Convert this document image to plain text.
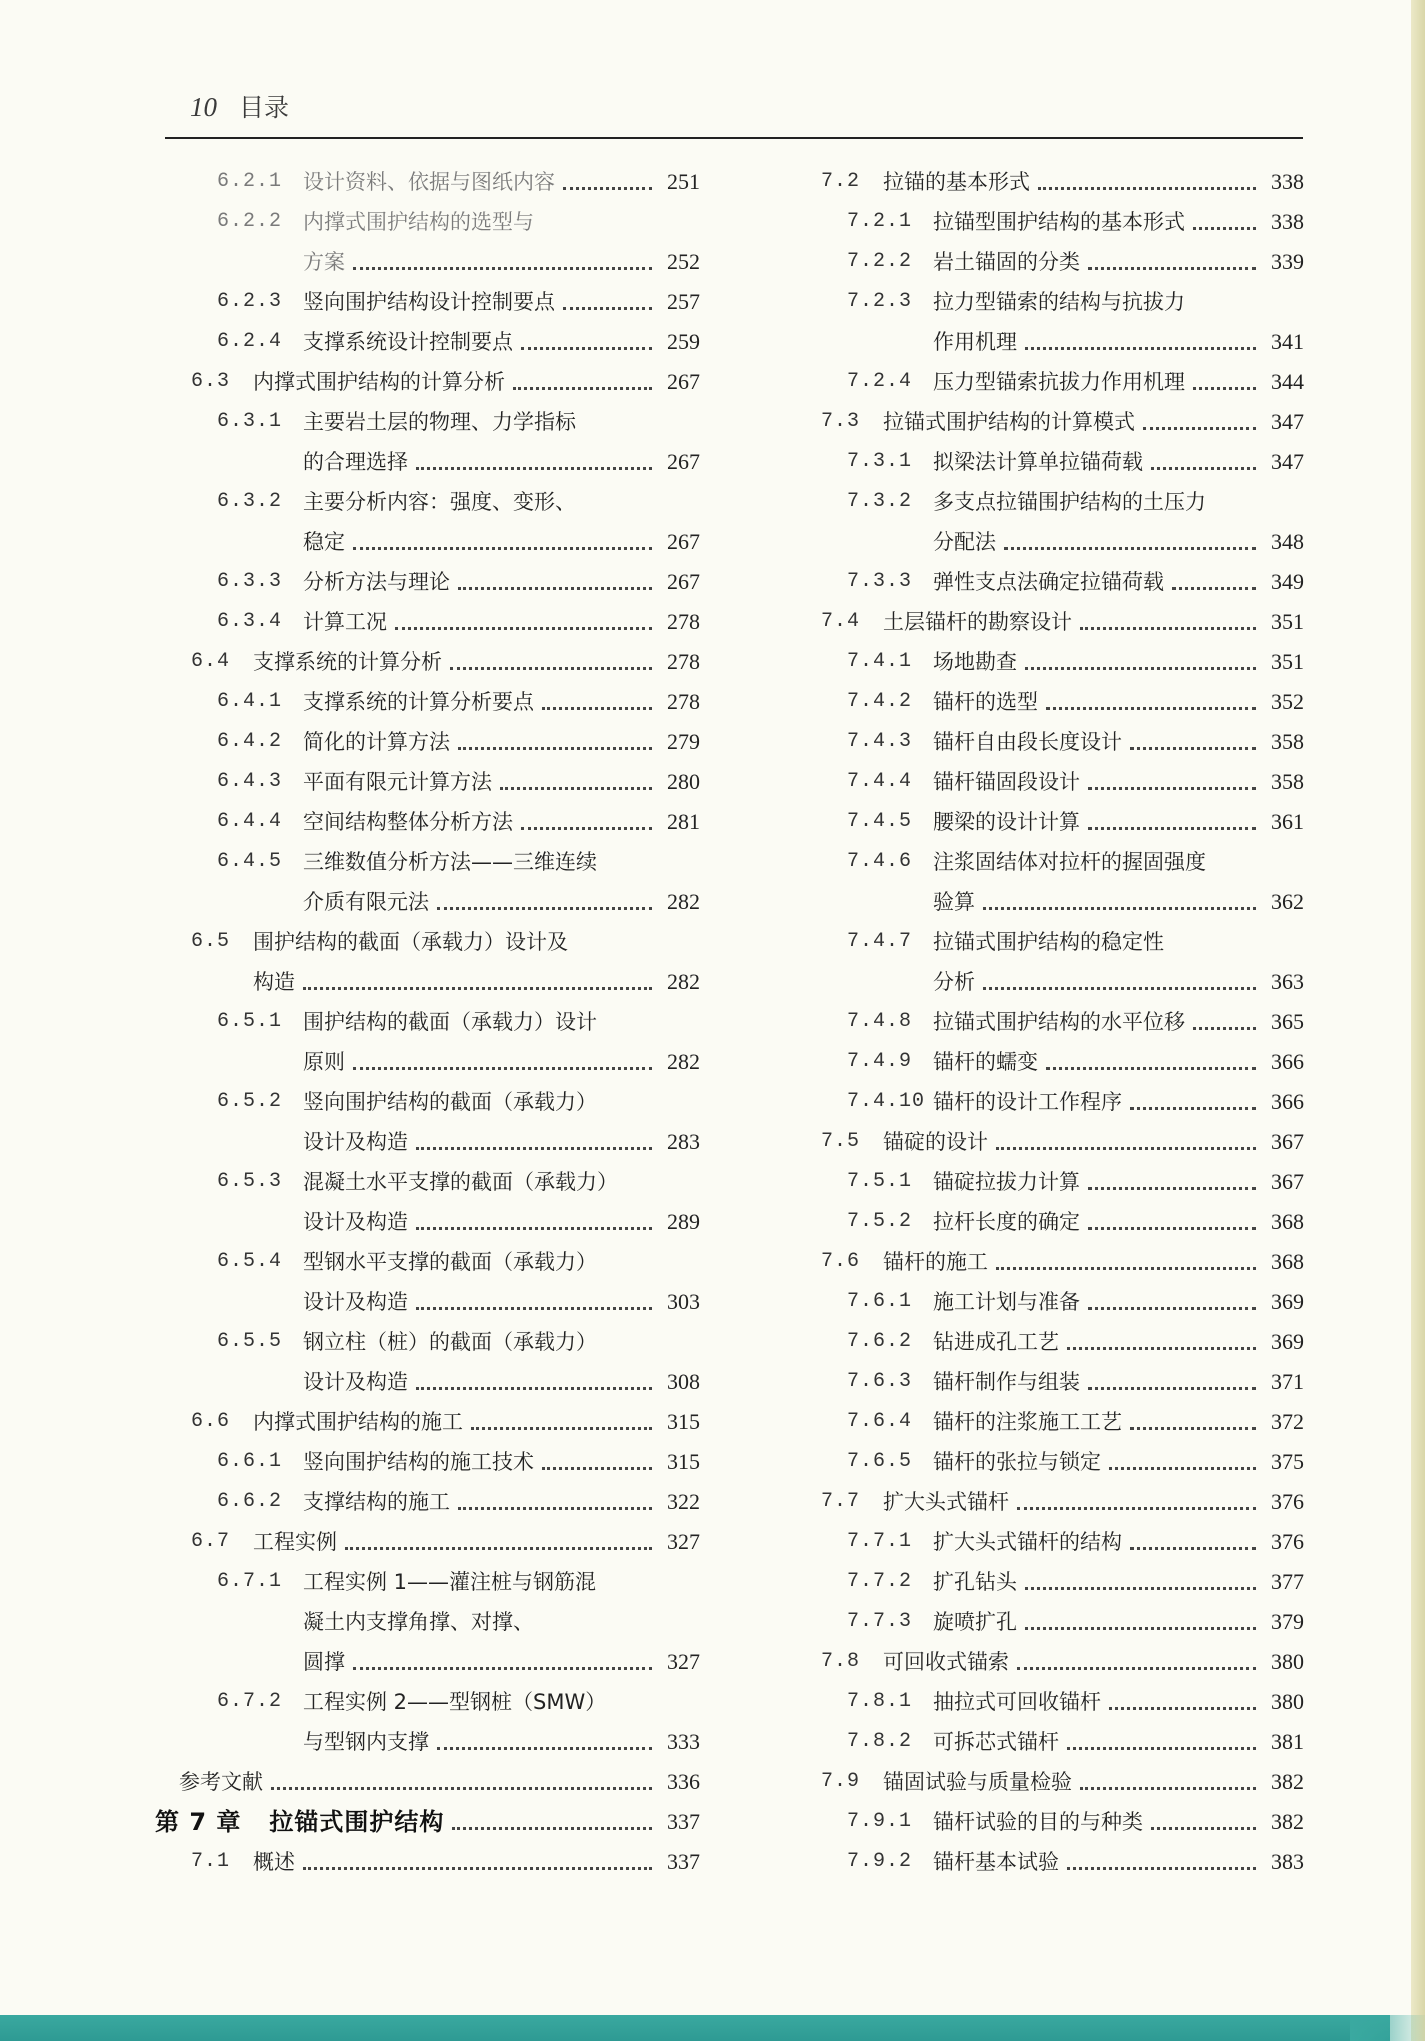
10 目录
6.2.1 设计资料、依据与图纸内容	251
6.2.2 内撑式围护结构的选型与
方案	252
6.2.3 竖向围护结构设计控制要点	257
6.2.4 支撑系统设计控制要点	259
6.3	内撑式围护结构的计算分析	267
6.3.1 主要岩土层的物理、力学指标
的合理选择	267
6.3.2 主要分析内容：强度、变形、
稳定	267
6.3.3 分析方法与理论	267
6.3.4 计算工况	278
6.4	支撑系统的计算分析	278
6.4.1 支撑系统的计算分析要点	278
6.4.2 简化的计算方法	279
6.4.3 平面有限元计算方法	280
6.4.4 空间结构整体分析方法	281
6.4.5 三维数值分析方法——三维连续
介质有限元法	282
6.5	围护结构的截面（承载力）设计及
构造	282
6.5.1 围护结构的截面（承载力）设计
原则	282
6.5.2 竖向围护结构的截面（承载力）
设计及构造	283
6.5.3 混凝土水平支撑的截面（承载力）
设计及构造	289
6.5.4 型钢水平支撑的截面（承载力）
设计及构造	303
6.5.5 钢立柱（桩）的截面（承载力）
设计及构造	308
6.6	内撑式围护结构的施工	315
6.6.1 竖向围护结构的施工技术	315
6.6.2 支撑结构的施工	322
6.7	工程实例	327
6.7.1 工程实例 1——灌注桩与钢筋混
凝土内支撑角撑、对撑、
圆撑	327
6.7.2 工程实例 2——型钢桩（SMW）
与型钢内支撑	333
参考文献	336
第 7 章 拉锚式围护结构	337
7.1	概述	337
7.2	拉锚的基本形式	338
7.2.1 拉锚型围护结构的基本形式	338
7.2.2 岩土锚固的分类	339
7.2.3 拉力型锚索的结构与抗拔力
作用机理	341
7.2.4 压力型锚索抗拔力作用机理	344
7.3	拉锚式围护结构的计算模式	347
7.3.1 拟梁法计算单拉锚荷载	347
7.3.2 多支点拉锚围护结构的土压力
分配法	348
7.3.3 弹性支点法确定拉锚荷载	349
7.4	土层锚杆的勘察设计	351
7.4.1 场地勘查	351
7.4.2 锚杆的选型	352
7.4.3 锚杆自由段长度设计	358
7.4.4 锚杆锚固段设计	358
7.4.5 腰梁的设计计算	361
7.4.6 注浆固结体对拉杆的握固强度
验算	362
7.4.7 拉锚式围护结构的稳定性
分析	363
7.4.8 拉锚式围护结构的水平位移	365
7.4.9 锚杆的蠕变	366
7.4.10 锚杆的设计工作程序	366
7.5	锚碇的设计	367
7.5.1 锚碇拉拔力计算	367
7.5.2 拉杆长度的确定	368
7.6	锚杆的施工	368
7.6.1 施工计划与准备	369
7.6.2 钻进成孔工艺	369
7.6.3 锚杆制作与组装	371
7.6.4 锚杆的注浆施工工艺	372
7.6.5 锚杆的张拉与锁定	375
7.7	扩大头式锚杆	376
7.7.1 扩大头式锚杆的结构	376
7.7.2 扩孔钻头	377
7.7.3 旋喷扩孔	379
7.8	可回收式锚索	380
7.8.1 抽拉式可回收锚杆	380
7.8.2 可拆芯式锚杆	381
7.9	锚固试验与质量检验	382
7.9.1 锚杆试验的目的与种类	382
7.9.2 锚杆基本试验	383
